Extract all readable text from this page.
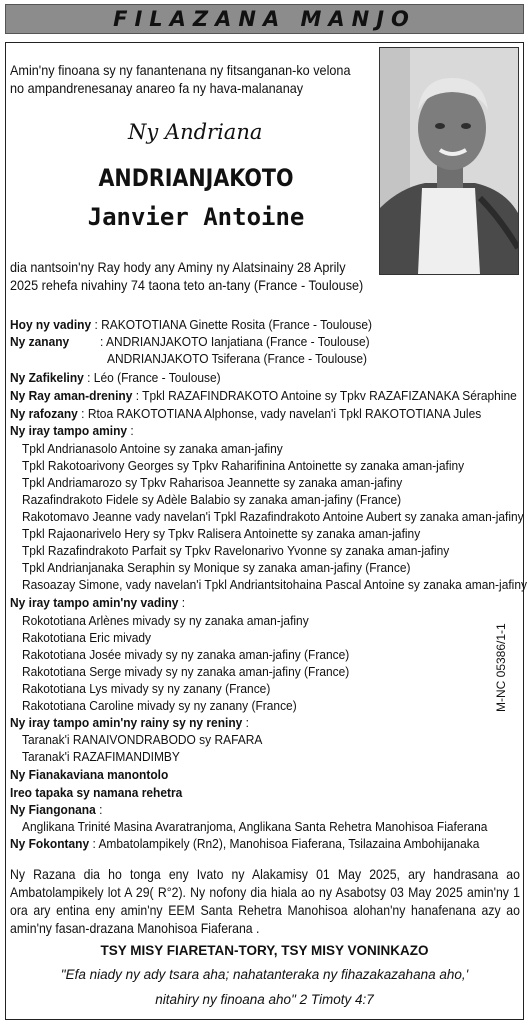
FILAZANA MANJO
Amin'ny finoana sy ny fanantenana ny fitsanganan-ko velona no ampandrenesanay anareo fa ny hava-malananay
Ny Andriana
ANDRIANJAKOTO
Janvier Antoine
dia nantsoin'ny Ray hody any Aminy ny Alatsinainy 28 Aprily 2025 rehefa nivahiny 74 taona teto an-tany (France - Toulouse)
Hoy ny vadiny : RAKOTOTIANA Ginette Rosita (France - Toulouse)
Ny zanany : ANDRIANJAKOTO Ianjatiana (France - Toulouse)
ANDRIANJAKOTO Tsiferana (France - Toulouse)
Ny Zafikeliny : Léo (France - Toulouse)
Ny Ray aman-dreniny : Tpkl RAZAFINDRAKOTO Antoine sy Tpkv RAZAFIZANAKA Séraphine
Ny rafozany : Rtoa RAKOTOTIANA Alphonse, vady navelan'i Tpkl RAKOTOTIANA Jules
Ny iray tampo aminy :
Tpkl Andrianasolo Antoine sy zanaka aman-jafiny
Tpkl Rakotoarivony Georges sy Tpkv Raharifinina Antoinette sy zanaka aman-jafiny
Tpkl Andriamarozo sy Tpkv Raharisoa Jeannette sy zanaka aman-jafiny
Razafindrakoto Fidele sy Adèle Balabio sy zanaka aman-jafiny (France)
Rakotomavo Jeanne vady navelan'i Tpkl Razafindrakoto Antoine Aubert sy zanaka aman-jafiny
Tpkl Rajaonarivelo Hery sy Tpkv Ralisera Antoinette sy zanaka aman-jafiny
Tpkl Razafindrakoto Parfait sy Tpkv Ravelonarivo Yvonne sy zanaka aman-jafiny
Tpkl Andrianjanaka Seraphin sy Monique sy zanaka aman-jafiny (France)
Rasoazay Simone, vady navelan'i Tpkl Andriantsitohaina Pascal Antoine sy zanaka aman-jafiny
Ny iray tampo amin'ny vadiny :
Rokototiana Arlènes mivady sy ny zanaka aman-jafiny
Rakototiana Eric mivady
Rakototiana Josée mivady sy ny zanaka aman-jafiny (France)
Rakototiana Serge mivady sy ny zanaka aman-jafiny (France)
Rakototiana Lys mivady sy ny zanany (France)
Rakototiana Caroline mivady sy ny zanany (France)
Ny iray tampo amin'ny rainy sy ny reniny :
Taranak'i RANAIVONDRABODO sy RAFARA
Taranak'i RAZAFIMANDIMBY
Ny Fianakaviana manontolo
Ireo tapaka sy namana rehetra
Ny Fiangonana :
Anglikana Trinité Masina Avaratranjoma, Anglikana Santa Rehetra Manohisoa Fiaferana
Ny Fokontany : Ambatolampikely (Rn2), Manohisoa Fiaferana, Tsilazaina Ambohijanaka
M-NC 05386/1-1
Ny Razana dia ho tonga eny Ivato ny Alakamisy 01 May 2025, ary handrasana ao Ambatolampikely lot A 29( R°2). Ny nofony dia hiala ao ny Asabotsy 03 May 2025 amin'ny 1 ora ary entina eny amin'ny EEM Santa Rehetra Manohisoa alohan'ny hanafenana azy ao amin'ny fasan-drazana Manohisoa Fiaferana .
TSY MISY FIARETAN-TORY, TSY MISY VONINKAZO
"Efa niady ny ady tsara aha; nahatanteraka ny fihazakazahana aho,'
nitahiry ny finoana aho" 2 Timoty 4:7
